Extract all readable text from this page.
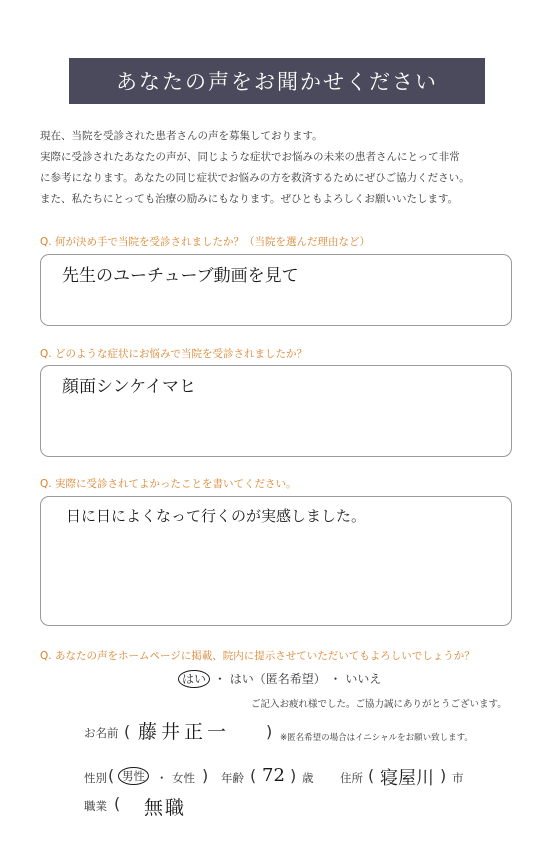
あなたの声をお聞かせください
現在、当院を受診された患者さんの声を募集しております。
実際に受診されたあなたの声が、同じような症状でお悩みの未来の患者さんにとって非常
に参考になります。あなたの同じ症状でお悩みの方を救済するためにぜひご協力ください。
また、私たちにとっても治療の励みにもなります。ぜひともよろしくお願いいたします。
Q. 何が決め手で当院を受診されましたか？（当院を選んだ理由など）
先生のユーチューブ動画を見て
Q. どのような症状にお悩みで当院を受診されましたか？
顔面シンケイマヒ
Q. 実際に受診されてよかったことを書いてください。
日に日によくなって行くのが実感しました。
Q. あなたの声をホームページに掲載、院内に提示させていただいてもよろしいでしょうか？
はい ・ はい（匿名希望） ・ いいえ
ご記入お疲れ様でした。ご協力誠にありがとうございます。
お名前 ( 藤井正一 ) ※匿名希望の場合はイニシャルをお願い致します。
性別 ( 男性 ・ 女性 ) 年齢 ( 72 ) 歳 住所 ( 寝屋川 ) 市
職業 ( 無職
